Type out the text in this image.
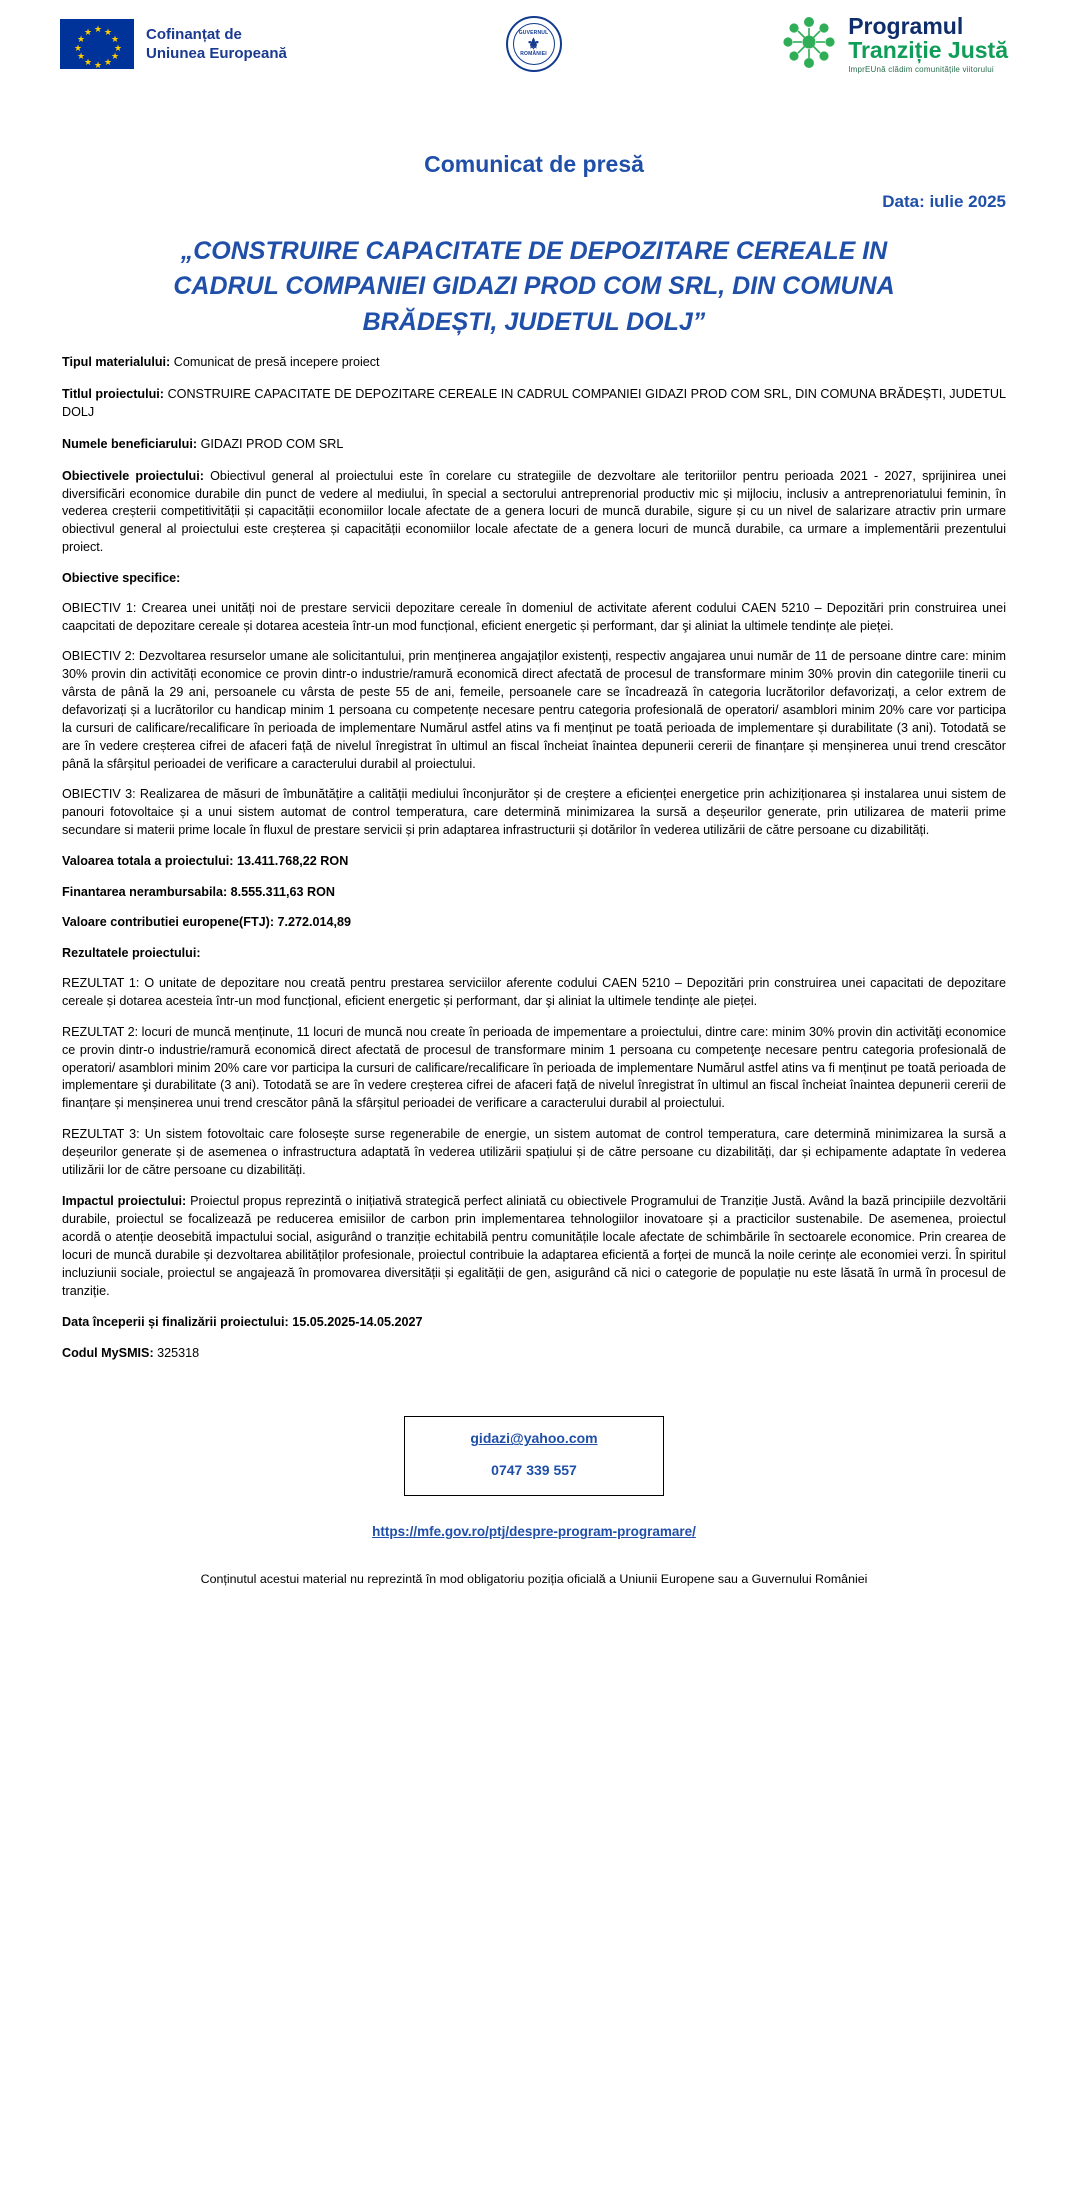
★ ★
★
★
★
★
★
★
★
★
★
★	Cofinanțat de
Uniunea Europeană
GUVERNUL
⚜
ROMÂNIEI
Programul
Tranziție Justă
ImprEUnă clădim comunitățile viitorului
Comunicat de presă
Data: iulie 2025
„CONSTRUIRE CAPACITATE DE DEPOZITARE CEREALE IN CADRUL COMPANIEI GIDAZI PROD COM SRL, DIN COMUNA BRĂDEȘTI, JUDETUL DOLJ”

Tipul materialului: Comunicat de presă incepere proiect

Titlul proiectului: CONSTRUIRE CAPACITATE DE DEPOZITARE CEREALE IN CADRUL COMPANIEI GIDAZI PROD COM SRL, DIN COMUNA BRĂDEȘTI, JUDETUL DOLJ

Numele beneficiarului: GIDAZI PROD COM SRL

Obiectivele proiectului: Obiectivul general al proiectului este în corelare cu strategiile de dezvoltare ale teritoriilor pentru perioada 2021 - 2027, sprijinirea unei diversificări economice durabile din punct de vedere al mediului, în special a sectorului antreprenorial productiv mic și mijlociu, inclusiv a antreprenoriatului feminin, în vederea creșterii competitivității și capacității economiilor locale afectate de a genera locuri de muncă durabile, sigure și cu un nivel de salarizare atractiv prin urmare obiectivul general al proiectului este creșterea și capacității economiilor locale afectate de a genera locuri de muncă durabile, ca urmare a implementării prezentului proiect.

Obiective specifice:

OBIECTIV 1: Crearea unei unități noi de prestare servicii depozitare cereale în domeniul de activitate aferent codului CAEN 5210 – Depozitări prin construirea unei caapcitati de depozitare cereale și dotarea acesteia într-un mod funcțional, eficient energetic și performant, dar şi aliniat la ultimele tendințe ale pieței.

OBIECTIV 2: Dezvoltarea resurselor umane ale solicitantului, prin menținerea angajaților existenți, respectiv angajarea unui număr de 11 de persoane dintre care: minim 30% provin din activități economice ce provin dintr-o industrie/ramură economică direct afectată de procesul de transformare minim 30% provin din categoriile tinerii cu vârsta de până la 29 ani, persoanele cu vârsta de peste 55 de ani, femeile, persoanele care se încadrează în categoria lucrătorilor defavorizați, a celor extrem de defavorizați și a lucrătorilor cu handicap minim 1 persoana cu competențe necesare pentru categoria profesională de operatori/ asamblori minim 20% care vor participa la cursuri de calificare/recalificare în perioada de implementare Numărul astfel atins va fi menținut pe toată perioada de implementare și durabilitate (3 ani). Totodată se are în vedere creșterea cifrei de afaceri față de nivelul înregistrat în ultimul an fiscal încheiat înaintea depunerii cererii de finanțare și menșinerea unui trend crescător până la sfârșitul perioadei de verificare a caracterului durabil al proiectului.

OBIECTIV 3: Realizarea de măsuri de îmbunătățire a calității mediului înconjurător și de creștere a eficienței energetice prin achiziționarea și instalarea unui sistem de panouri fotovoltaice și a unui sistem automat de control temperatura, care determină minimizarea la sursă a deșeurilor generate, prin utilizarea de materii prime secundare si materii prime locale în fluxul de prestare servicii și prin adaptarea infrastructurii și dotărilor în vederea utilizării de către persoane cu dizabilități.

Valoarea totala a proiectului: 13.411.768,22 RON

Finantarea nerambursabila: 8.555.311,63 RON

Valoare contributiei europene(FTJ): 7.272.014,89

Rezultatele proiectului:

REZULTAT 1: O unitate de depozitare nou creată pentru prestarea serviciilor aferente codului CAEN 5210 – Depozitări prin construirea unei capacitati de depozitare cereale și dotarea acesteia într-un mod funcțional, eficient energetic și performant, dar şi aliniat la ultimele tendințe ale pieței.

REZULTAT 2: locuri de muncă menținute, 11 locuri de muncă nou create în perioada de impementare a proiectului, dintre care: minim 30% provin din activităţi economice ce provin dintr-o industrie/ramură economică direct afectată de procesul de transformare minim 1 persoana cu competenţe necesare pentru categoria profesională de operatori/ asamblori minim 20% care vor participa la cursuri de calificare/recalificare în perioada de implementare Numărul astfel atins va fi menținut pe toată perioada de implementare şi durabilitate (3 ani). Totodată se are în vedere creșterea cifrei de afaceri față de nivelul înregistrat în ultimul an fiscal încheiat înaintea depunerii cererii de finanțare și menșinerea unui trend crescător până la sfârșitul perioadei de verificare a caracterului durabil al proiectului.

REZULTAT 3: Un sistem fotovoltaic care folosește surse regenerabile de energie, un sistem automat de control temperatura, care determină minimizarea la sursă a deșeurilor generate și de asemenea o infrastructura adaptată în vederea utilizării spațiului și de către persoane cu dizabilități, dar și echipamente adaptate în vederea utilizării lor de către persoane cu dizabilități.

Impactul proiectului: Proiectul propus reprezintă o inițiativă strategică perfect aliniată cu obiectivele Programului de Tranziție Justă. Având la bază principiile dezvoltării durabile, proiectul se focalizează pe reducerea emisiilor de carbon prin implementarea tehnologiilor inovatoare și a practicilor sustenabile. De asemenea, proiectul acordă o atenție deosebită impactului social, asigurând o tranziție echitabilă pentru comunitățile locale afectate de schimbările în sectoarele economice. Prin crearea de locuri de muncă durabile și dezvoltarea abilităților profesionale, proiectul contribuie la adaptarea eficientă a forței de muncă la noile cerințe ale economiei verzi. În spiritul incluziunii sociale, proiectul se angajează în promovarea diversității și egalității de gen, asigurând că nici o categorie de populație nu este lăsată în urmă în procesul de tranziție.

Data începerii și finalizării proiectului: 15.05.2025-14.05.2027

Codul MySMIS: 325318

gidazi@yahoo.com
0747 339 557
https://mfe.gov.ro/ptj/despre-program-programare/
Conținutul acestui material nu reprezintă în mod obligatoriu poziția oficială a Uniunii Europene sau a Guvernului României
